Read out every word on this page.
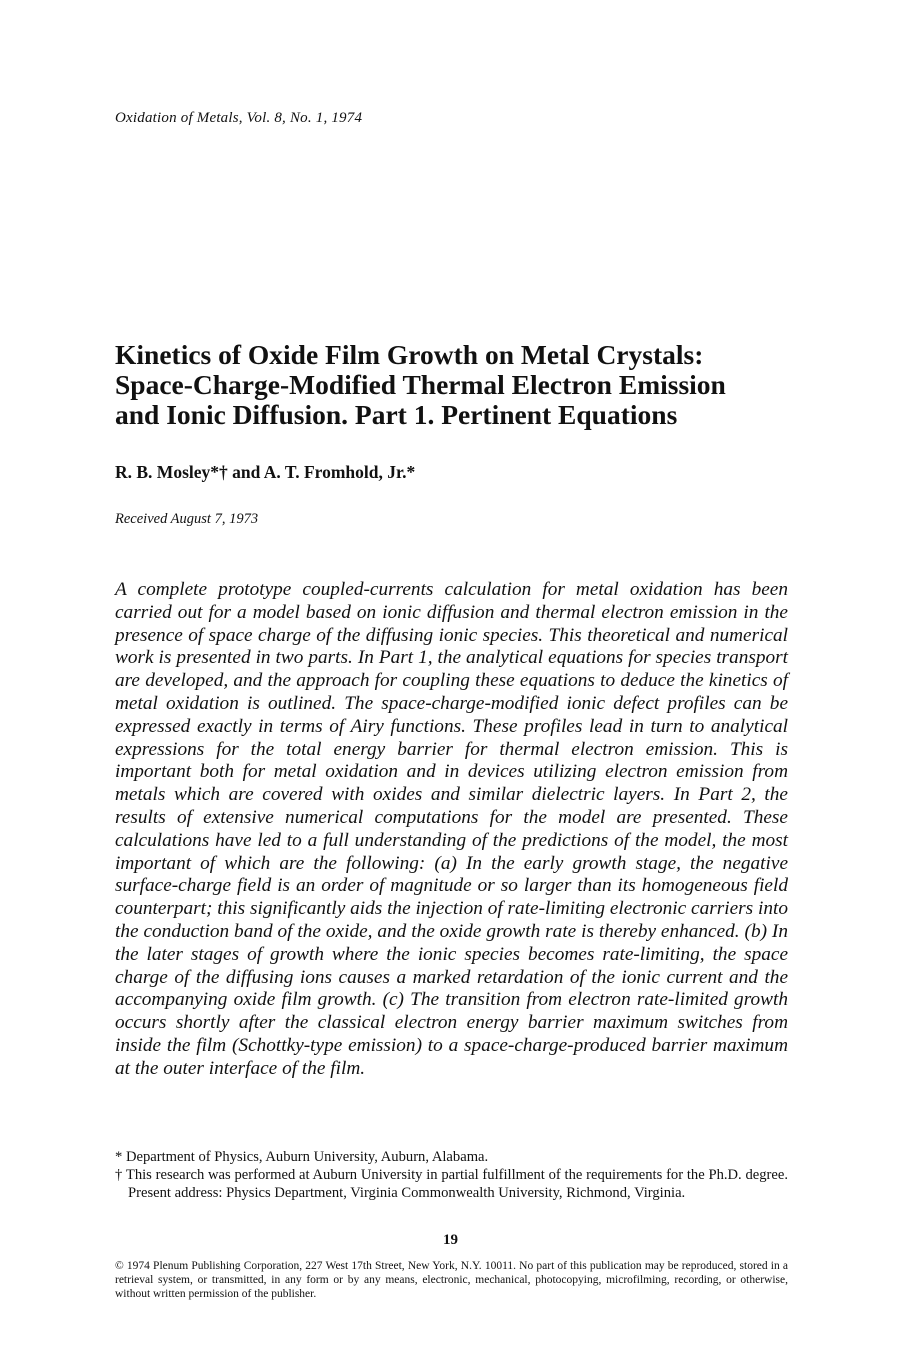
Oxidation of Metals, Vol. 8, No. 1, 1974
Kinetics of Oxide Film Growth on Metal Crystals:
Space-Charge-Modified Thermal Electron Emission
and Ionic Diffusion. Part 1. Pertinent Equations
R. B. Mosley*† and A. T. Fromhold, Jr.*
Received August 7, 1973

A complete prototype coupled-currents calculation for metal oxidation has been carried out for a model based on ionic diffusion and thermal electron emission in the presence of space charge of the diffusing ionic species. This theoretical and numerical work is presented in two parts. In Part 1, the analytical equations for species transport are developed, and the approach for coupling these equations to deduce the kinetics of metal oxidation is outlined. The space-charge-modified ionic defect profiles can be expressed exactly in terms of Airy functions. These profiles lead in turn to analytical expressions for the total energy barrier for thermal electron emission. This is important both for metal oxidation and in devices utilizing electron emission from metals which are covered with oxides and similar dielectric layers. In Part 2, the results of extensive numerical computations for the model are presented. These calculations have led to a full understanding of the predictions of the model, the most important of which are the following: (a) In the early growth stage, the negative surface-charge field is an order of magnitude or so larger than its homogeneous field counterpart; this significantly aids the injection of rate-limiting electronic carriers into the conduction band of the oxide, and the oxide growth rate is thereby enhanced. (b) In the later stages of growth where the ionic species becomes rate-limiting, the space charge of the diffusing ions causes a marked retardation of the ionic current and the accompanying oxide film growth. (c) The transition from electron rate-limited growth occurs shortly after the classical electron energy barrier maximum switches from inside the film (Schottky-type emission) to a space-charge-produced barrier maximum at the outer interface of the film.

* Department of Physics, Auburn University, Auburn, Alabama.

† This research was performed at Auburn University in partial fulfillment of the requirements for the Ph.D. degree. Present address: Physics Department, Virginia Commonwealth University, Richmond, Virginia.

19

© 1974 Plenum Publishing Corporation, 227 West 17th Street, New York, N.Y. 10011. No part of this publication may be reproduced, stored in a retrieval system, or transmitted, in any form or by any means, electronic, mechanical, photocopying, microfilming, recording, or otherwise, without written permission of the publisher.
